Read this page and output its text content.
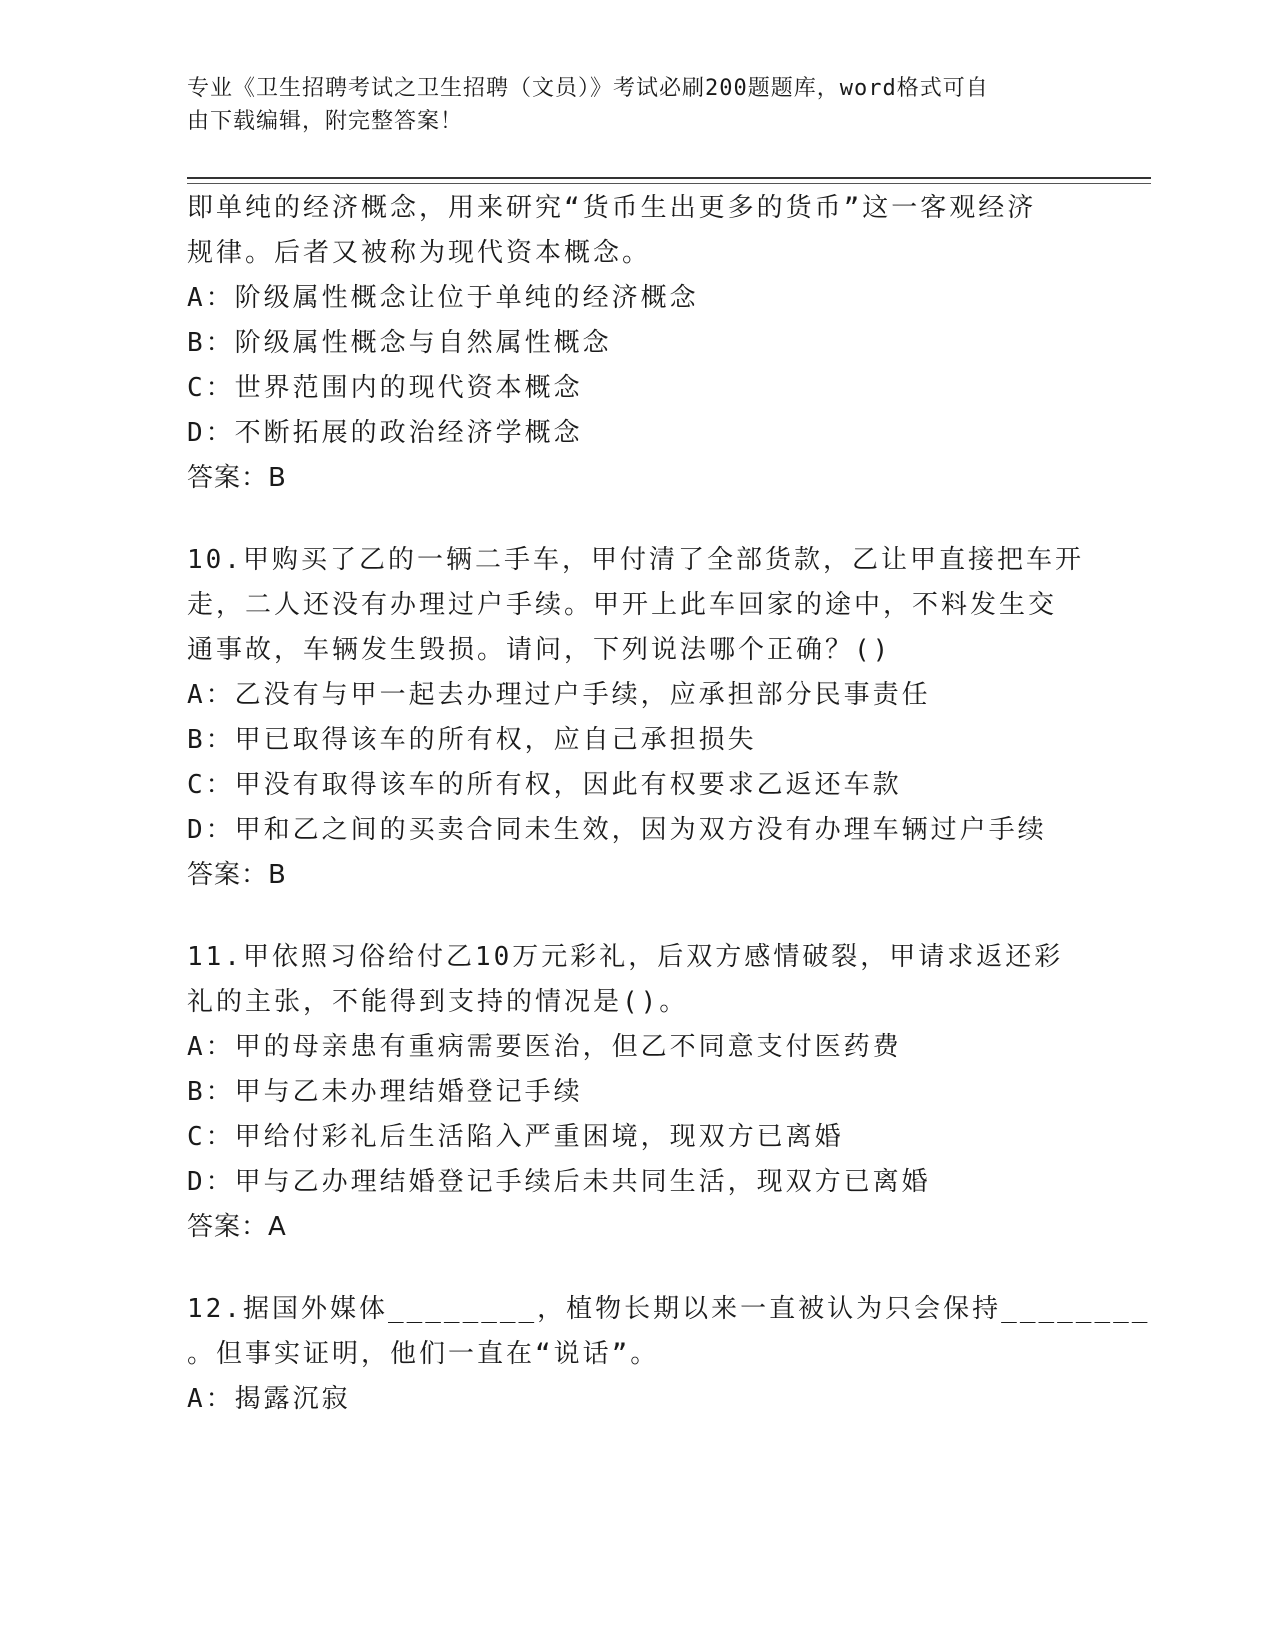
专业《卫生招聘考试之卫生招聘（文员）》考试必刷200题题库，word格式可自
由下载编辑，附完整答案！
即单纯的经济概念，用来研究“货币生出更多的货币”这一客观经济
规律。后者又被称为现代资本概念。
A：阶级属性概念让位于单纯的经济概念
B：阶级属性概念与自然属性概念
C：世界范围内的现代资本概念
D：不断拓展的政治经济学概念
答案：B
10.甲购买了乙的一辆二手车，甲付清了全部货款，乙让甲直接把车开
走，二人还没有办理过户手续。甲开上此车回家的途中，不料发生交
通事故，车辆发生毁损。请问，下列说法哪个正确？()
A：乙没有与甲一起去办理过户手续，应承担部分民事责任
B：甲已取得该车的所有权，应自己承担损失
C：甲没有取得该车的所有权，因此有权要求乙返还车款
D：甲和乙之间的买卖合同未生效，因为双方没有办理车辆过户手续
答案：B
11.甲依照习俗给付乙10万元彩礼，后双方感情破裂，甲请求返还彩
礼的主张，不能得到支持的情况是()。
A：甲的母亲患有重病需要医治，但乙不同意支付医药费
B：甲与乙未办理结婚登记手续
C：甲给付彩礼后生活陷入严重困境，现双方已离婚
D：甲与乙办理结婚登记手续后未共同生活，现双方已离婚
答案：A
12.据国外媒体________，植物长期以来一直被认为只会保持________
。但事实证明，他们一直在“说话”。
A：揭露沉寂
